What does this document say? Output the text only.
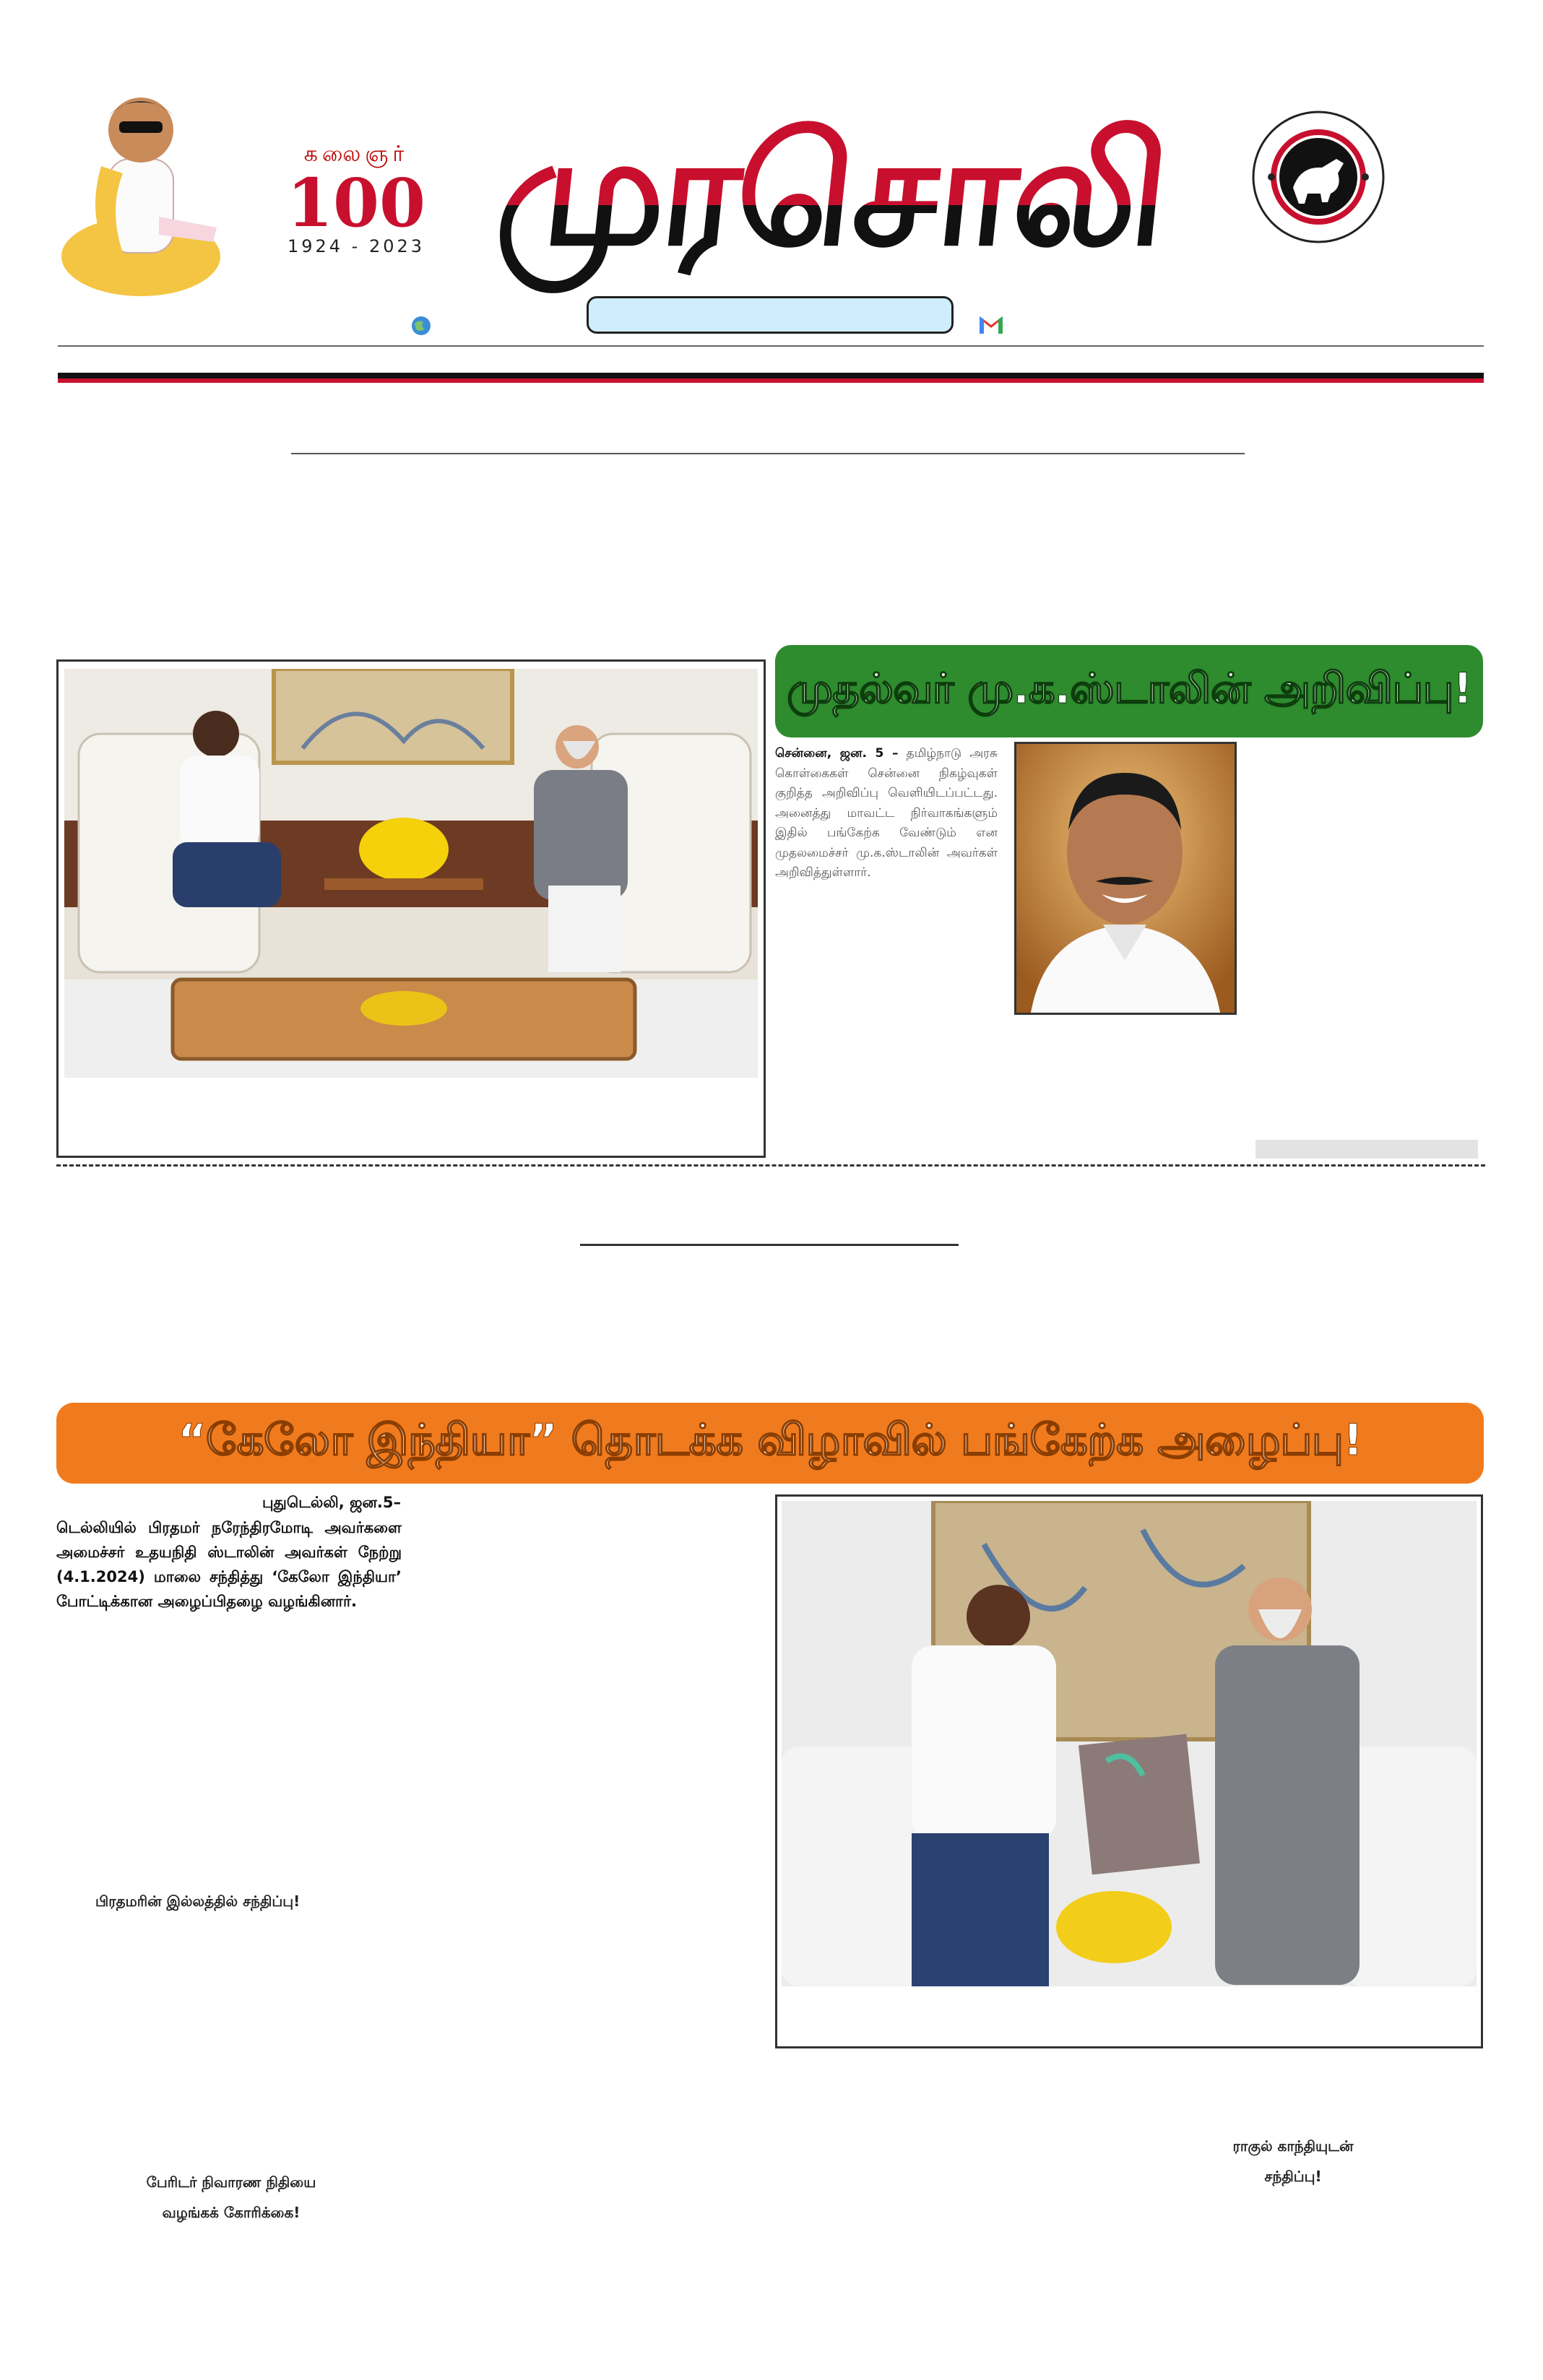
கலைஞர்
100
1924 - 2023 முரசொலி
முதல்வர் மு.க.ஸ்டாலின் அறிவிப்பு!
சென்னை, ஜன. 5 – தமிழ்நாடு அரசு கொள்கைகள் சென்னை நிகழ்வுகள் குறித்த அறிவிப்பு வெளியிடப்பட்டது. அனைத்து மாவட்ட நிர்வாகங்களும் இதில் பங்கேற்க வேண்டும் என முதலமைச்சர் மு.க.ஸ்டாலின் அவர்கள் அறிவித்துள்ளார்.
“கேலோ இந்தியா” தொடக்க விழாவில் பங்கேற்க அழைப்பு!
புதுடெல்லி, ஜன.5–
டெல்லியில் பிரதமர் நரேந்திரமோடி அவர்களை அமைச்சர் உதயநிதி ஸ்டாலின் அவர்கள் நேற்று (4.1.2024) மாலை சந்தித்து ‘கேலோ இந்தியா’ போட்டிக்கான அழைப்பிதழை வழங்கினார்.
பிரதமரின் இல்லத்தில் சந்திப்பு!
ராகுல் காந்தியுடன்
சந்திப்பு!
பேரிடர் நிவாரண நிதியை
வழங்கக் கோரிக்கை!
